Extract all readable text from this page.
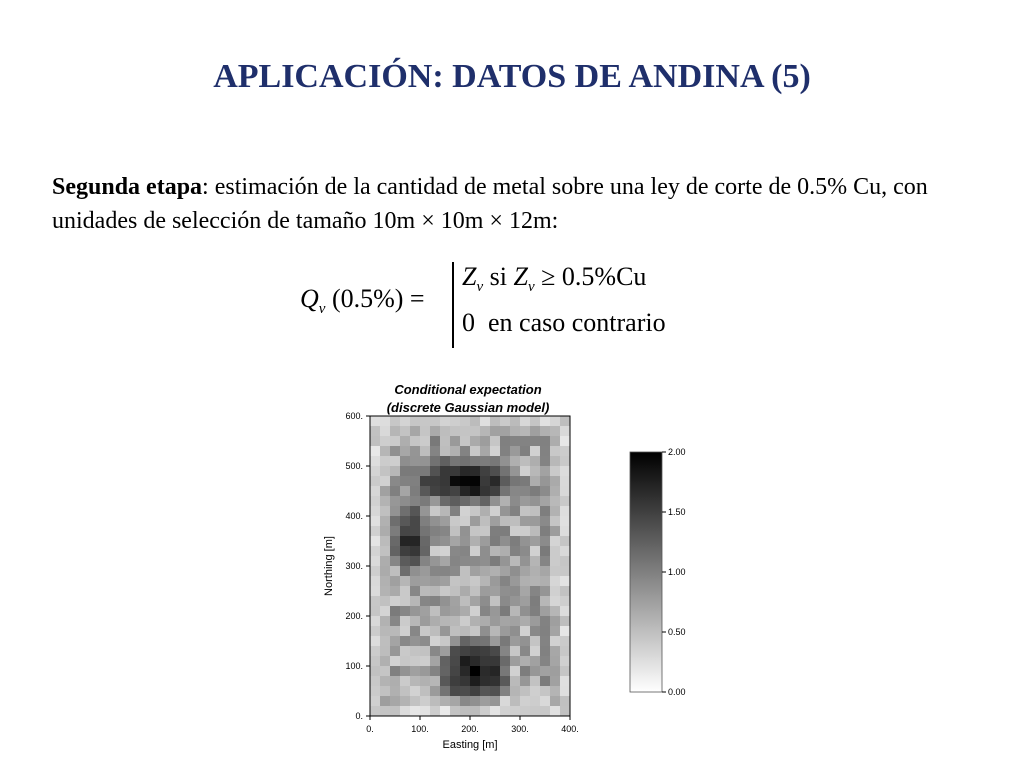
APLICACIÓN: DATOS DE ANDINA (5)

Segunda etapa: estimación de la cantidad de metal sobre una ley de corte de 0.5% Cu, con unidades de selección de tamaño 10m × 10m × 12m:

$Q_v$ (0.5%) =
$Z_v$ si $Z_v \ge 0.5\%Cu$
0 en caso contrario
Conditional expectation
(discrete Gaussian model)
0.	100.	200.	300.	400.
0.
100.
200.
300.
400.
500.
600.
Easting [m]
Northing [m]
0.00
0.50
1.00
1.50
2.00
